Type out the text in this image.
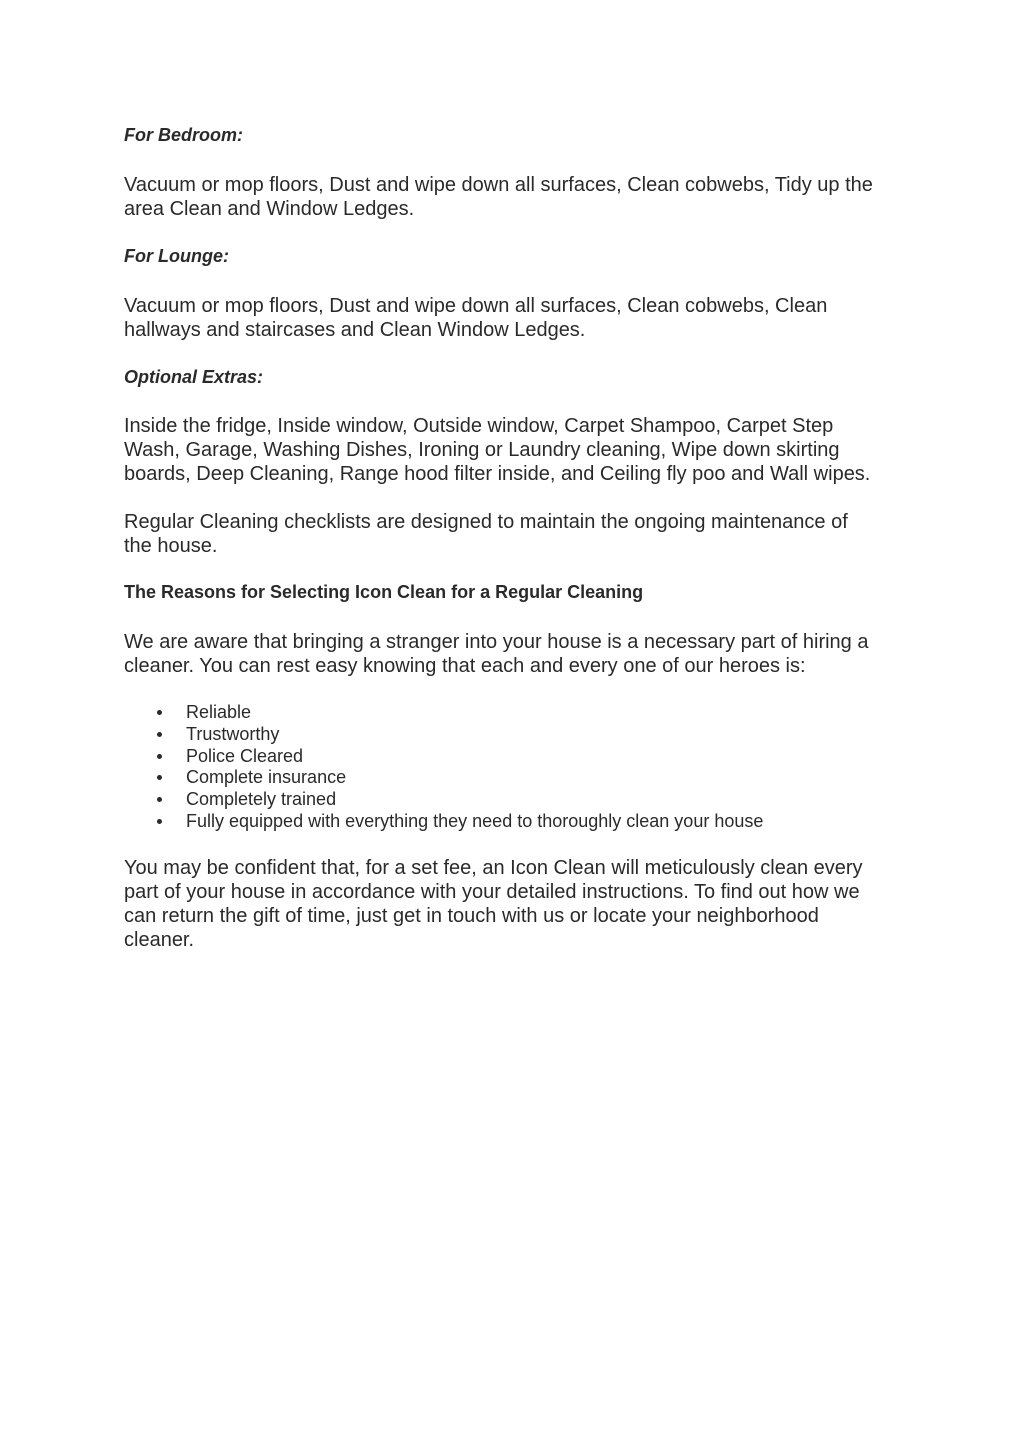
For Bedroom:

Vacuum or mop floors, Dust and wipe down all surfaces, Clean cobwebs, Tidy up the
area Clean and Window Ledges.

For Lounge:

Vacuum or mop floors, Dust and wipe down all surfaces, Clean cobwebs, Clean
hallways and staircases and Clean Window Ledges.

Optional Extras:

Inside the fridge, Inside window, Outside window, Carpet Shampoo, Carpet Step
Wash, Garage, Washing Dishes, Ironing or Laundry cleaning, Wipe down skirting
boards, Deep Cleaning, Range hood filter inside, and Ceiling fly poo and Wall wipes.

Regular Cleaning checklists are designed to maintain the ongoing maintenance of
the house.

The Reasons for Selecting Icon Clean for a Regular Cleaning

We are aware that bringing a stranger into your house is a necessary part of hiring a
cleaner. You can rest easy knowing that each and every one of our heroes is:

Reliable
Trustworthy
Police Cleared
Complete insurance
Completely trained
Fully equipped with everything they need to thoroughly clean your house

You may be confident that, for a set fee, an Icon Clean will meticulously clean every
part of your house in accordance with your detailed instructions. To find out how we
can return the gift of time, just get in touch with us or locate your neighborhood
cleaner.
